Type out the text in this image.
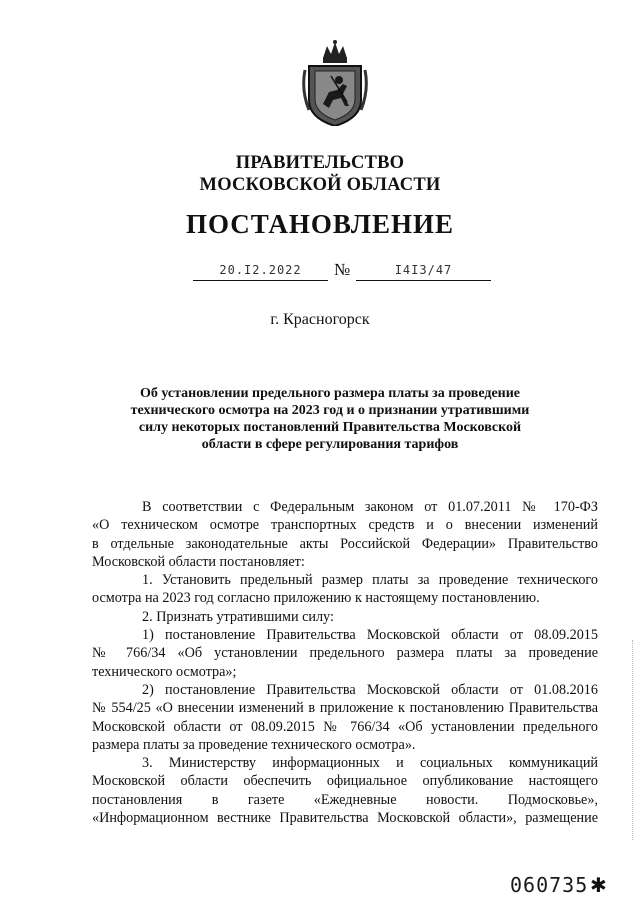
ПРАВИТЕЛЬСТВО
МОСКОВСКОЙ ОБЛАСТИ
ПОСТАНОВЛЕНИЕ
20.I2.2022	№	I4I3/47
г. Красногорск
Об установлении предельного размера платы за проведение
технического осмотра на 2023 год и о признании утратившими
силу некоторых постановлений Правительства Московской
области в сфере регулирования тарифов

В соответствии с Федеральным законом от 01.07.2011 № 170-ФЗ

«О техническом осмотре транспортных средств и о внесении изменений

в отдельные законодательные акты Российской Федерации» Правительство

Московской области постановляет:

1. Установить предельный размер платы за проведение технического

осмотра на 2023 год согласно приложению к настоящему постановлению.

2. Признать утратившими силу:

1) постановление Правительства Московской области от 08.09.2015

№ 766/34 «Об установлении предельного размера платы за проведение

технического осмотра»;

2) постановление Правительства Московской области от 01.08.2016

№ 554/25 «О внесении изменений в приложение к постановлению Правительства

Московской области от 08.09.2015 № 766/34 «Об установлении предельного

размера платы за проведение технического осмотра».

3. Министерству информационных и социальных коммуникаций

Московской области обеспечить официальное опубликование настоящего

постановления в газете «Ежедневные новости. Подмосковье»,

«Информационном вестнике Правительства Московской области», размещение

060735 ✱
